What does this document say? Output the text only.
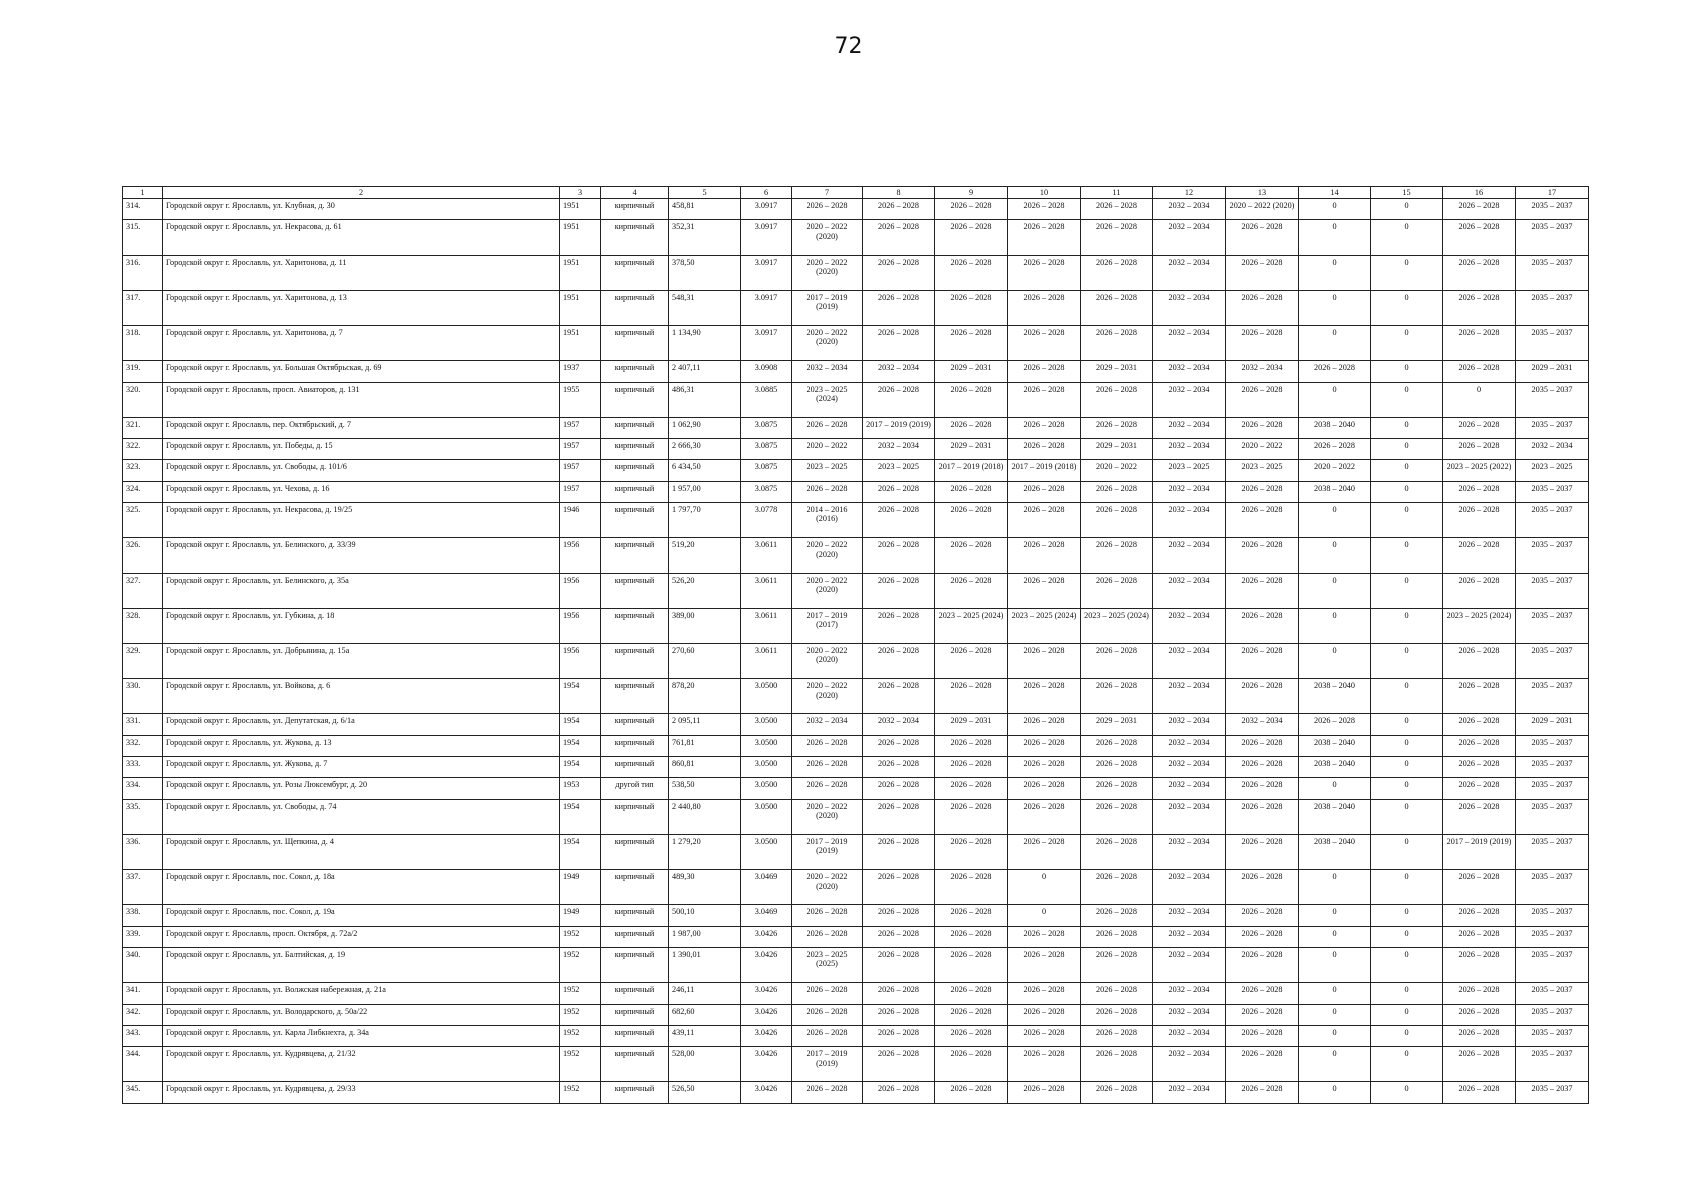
72
1	2	3	4	5	6	7	8	9	10	11	12	13	14	15	16	17
314.	Городской округ г. Ярославль, ул. Клубная, д. 30	1951	кирпичный	458,81	3.0917	2026 – 2028	2026 – 2028	2026 – 2028	2026 – 2028	2026 – 2028	2032 – 2034	2020 – 2022 (2020)	0	0	2026 – 2028	2035 – 2037
315.	Городской округ г. Ярославль, ул. Некрасова, д. 61	1951	кирпичный	352,31	3.0917	2020 – 2022 (2020)	2026 – 2028	2026 – 2028	2026 – 2028	2026 – 2028	2032 – 2034	2026 – 2028	0	0	2026 – 2028	2035 – 2037
316.	Городской округ г. Ярославль, ул. Харитонова, д. 11	1951	кирпичный	378,50	3.0917	2020 – 2022 (2020)	2026 – 2028	2026 – 2028	2026 – 2028	2026 – 2028	2032 – 2034	2026 – 2028	0	0	2026 – 2028	2035 – 2037
317.	Городской округ г. Ярославль, ул. Харитонова, д. 13	1951	кирпичный	548,31	3.0917	2017 – 2019 (2019)	2026 – 2028	2026 – 2028	2026 – 2028	2026 – 2028	2032 – 2034	2026 – 2028	0	0	2026 – 2028	2035 – 2037
318.	Городской округ г. Ярославль, ул. Харитонова, д. 7	1951	кирпичный	1 134,90	3.0917	2020 – 2022 (2020)	2026 – 2028	2026 – 2028	2026 – 2028	2026 – 2028	2032 – 2034	2026 – 2028	0	0	2026 – 2028	2035 – 2037
319.	Городской округ г. Ярославль, ул. Большая Октябрьская, д. 69	1937	кирпичный	2 407,11	3.0908	2032 – 2034	2032 – 2034	2029 – 2031	2026 – 2028	2029 – 2031	2032 – 2034	2032 – 2034	2026 – 2028	0	2026 – 2028	2029 – 2031
320.	Городской округ г. Ярославль, просп. Авиаторов, д. 131	1955	кирпичный	486,31	3.0885	2023 – 2025 (2024)	2026 – 2028	2026 – 2028	2026 – 2028	2026 – 2028	2032 – 2034	2026 – 2028	0	0	0	2035 – 2037
321.	Городской округ г. Ярославль, пер. Октябрьский, д. 7	1957	кирпичный	1 062,90	3.0875	2026 – 2028	2017 – 2019 (2019)	2026 – 2028	2026 – 2028	2026 – 2028	2032 – 2034	2026 – 2028	2038 – 2040	0	2026 – 2028	2035 – 2037
322.	Городской округ г. Ярославль, ул. Победы, д. 15	1957	кирпичный	2 666,30	3.0875	2020 – 2022	2032 – 2034	2029 – 2031	2026 – 2028	2029 – 2031	2032 – 2034	2020 – 2022	2026 – 2028	0	2026 – 2028	2032 – 2034
323.	Городской округ г. Ярославль, ул. Свободы, д. 101/6	1957	кирпичный	6 434,50	3.0875	2023 – 2025	2023 – 2025	2017 – 2019 (2018)	2017 – 2019 (2018)	2020 – 2022	2023 – 2025	2023 – 2025	2020 – 2022	0	2023 – 2025 (2022)	2023 – 2025
324.	Городской округ г. Ярославль, ул. Чехова, д. 16	1957	кирпичный	1 957,00	3.0875	2026 – 2028	2026 – 2028	2026 – 2028	2026 – 2028	2026 – 2028	2032 – 2034	2026 – 2028	2038 – 2040	0	2026 – 2028	2035 – 2037
325.	Городской округ г. Ярославль, ул. Некрасова, д. 19/25	1946	кирпичный	1 797,70	3.0778	2014 – 2016 (2016)	2026 – 2028	2026 – 2028	2026 – 2028	2026 – 2028	2032 – 2034	2026 – 2028	0	0	2026 – 2028	2035 – 2037
326.	Городской округ г. Ярославль, ул. Белинского, д. 33/39	1956	кирпичный	519,20	3.0611	2020 – 2022 (2020)	2026 – 2028	2026 – 2028	2026 – 2028	2026 – 2028	2032 – 2034	2026 – 2028	0	0	2026 – 2028	2035 – 2037
327.	Городской округ г. Ярославль, ул. Белинского, д. 35а	1956	кирпичный	526,20	3.0611	2020 – 2022 (2020)	2026 – 2028	2026 – 2028	2026 – 2028	2026 – 2028	2032 – 2034	2026 – 2028	0	0	2026 – 2028	2035 – 2037
328.	Городской округ г. Ярославль, ул. Губкина, д. 18	1956	кирпичный	389,00	3.0611	2017 – 2019 (2017)	2026 – 2028	2023 – 2025 (2024)	2023 – 2025 (2024)	2023 – 2025 (2024)	2032 – 2034	2026 – 2028	0	0	2023 – 2025 (2024)	2035 – 2037
329.	Городской округ г. Ярославль, ул. Добрынина, д. 15а	1956	кирпичный	270,60	3.0611	2020 – 2022 (2020)	2026 – 2028	2026 – 2028	2026 – 2028	2026 – 2028	2032 – 2034	2026 – 2028	0	0	2026 – 2028	2035 – 2037
330.	Городской округ г. Ярославль, ул. Войкова, д. 6	1954	кирпичный	878,20	3.0500	2020 – 2022 (2020)	2026 – 2028	2026 – 2028	2026 – 2028	2026 – 2028	2032 – 2034	2026 – 2028	2038 – 2040	0	2026 – 2028	2035 – 2037
331.	Городской округ г. Ярославль, ул. Депутатская, д. 6/1а	1954	кирпичный	2 095,11	3.0500	2032 – 2034	2032 – 2034	2029 – 2031	2026 – 2028	2029 – 2031	2032 – 2034	2032 – 2034	2026 – 2028	0	2026 – 2028	2029 – 2031
332.	Городской округ г. Ярославль, ул. Жукова, д. 13	1954	кирпичный	761,81	3.0500	2026 – 2028	2026 – 2028	2026 – 2028	2026 – 2028	2026 – 2028	2032 – 2034	2026 – 2028	2038 – 2040	0	2026 – 2028	2035 – 2037
333.	Городской округ г. Ярославль, ул. Жукова, д. 7	1954	кирпичный	860,81	3.0500	2026 – 2028	2026 – 2028	2026 – 2028	2026 – 2028	2026 – 2028	2032 – 2034	2026 – 2028	2038 – 2040	0	2026 – 2028	2035 – 2037
334.	Городской округ г. Ярославль, ул. Розы Люксембург, д. 20	1953	другой тип	538,50	3.0500	2026 – 2028	2026 – 2028	2026 – 2028	2026 – 2028	2026 – 2028	2032 – 2034	2026 – 2028	0	0	2026 – 2028	2035 – 2037
335.	Городской округ г. Ярославль, ул. Свободы, д. 74	1954	кирпичный	2 440,80	3.0500	2020 – 2022 (2020)	2026 – 2028	2026 – 2028	2026 – 2028	2026 – 2028	2032 – 2034	2026 – 2028	2038 – 2040	0	2026 – 2028	2035 – 2037
336.	Городской округ г. Ярославль, ул. Щепкина, д. 4	1954	кирпичный	1 279,20	3.0500	2017 – 2019 (2019)	2026 – 2028	2026 – 2028	2026 – 2028	2026 – 2028	2032 – 2034	2026 – 2028	2038 – 2040	0	2017 – 2019 (2019)	2035 – 2037
337.	Городской округ г. Ярославль, пос. Сокол, д. 18а	1949	кирпичный	489,30	3.0469	2020 – 2022 (2020)	2026 – 2028	2026 – 2028	0	2026 – 2028	2032 – 2034	2026 – 2028	0	0	2026 – 2028	2035 – 2037
338.	Городской округ г. Ярославль, пос. Сокол, д. 19а	1949	кирпичный	500,10	3.0469	2026 – 2028	2026 – 2028	2026 – 2028	0	2026 – 2028	2032 – 2034	2026 – 2028	0	0	2026 – 2028	2035 – 2037
339.	Городской округ г. Ярославль, просп. Октября, д. 72а/2	1952	кирпичный	1 987,00	3.0426	2026 – 2028	2026 – 2028	2026 – 2028	2026 – 2028	2026 – 2028	2032 – 2034	2026 – 2028	0	0	2026 – 2028	2035 – 2037
340.	Городской округ г. Ярославль, ул. Балтийская, д. 19	1952	кирпичный	1 390,01	3.0426	2023 – 2025 (2025)	2026 – 2028	2026 – 2028	2026 – 2028	2026 – 2028	2032 – 2034	2026 – 2028	0	0	2026 – 2028	2035 – 2037
341.	Городской округ г. Ярославль, ул. Волжская набережная, д. 21а	1952	кирпичный	246,11	3.0426	2026 – 2028	2026 – 2028	2026 – 2028	2026 – 2028	2026 – 2028	2032 – 2034	2026 – 2028	0	0	2026 – 2028	2035 – 2037
342.	Городской округ г. Ярославль, ул. Володарского, д. 50а/22	1952	кирпичный	682,60	3.0426	2026 – 2028	2026 – 2028	2026 – 2028	2026 – 2028	2026 – 2028	2032 – 2034	2026 – 2028	0	0	2026 – 2028	2035 – 2037
343.	Городской округ г. Ярославль, ул. Карла Либкнехта, д. 34а	1952	кирпичный	439,11	3.0426	2026 – 2028	2026 – 2028	2026 – 2028	2026 – 2028	2026 – 2028	2032 – 2034	2026 – 2028	0	0	2026 – 2028	2035 – 2037
344.	Городской округ г. Ярославль, ул. Кудрявцева, д. 21/32	1952	кирпичный	528,00	3.0426	2017 – 2019 (2019)	2026 – 2028	2026 – 2028	2026 – 2028	2026 – 2028	2032 – 2034	2026 – 2028	0	0	2026 – 2028	2035 – 2037
345.	Городской округ г. Ярославль, ул. Кудрявцева, д. 29/33	1952	кирпичный	526,50	3.0426	2026 – 2028	2026 – 2028	2026 – 2028	2026 – 2028	2026 – 2028	2032 – 2034	2026 – 2028	0	0	2026 – 2028	2035 – 2037
